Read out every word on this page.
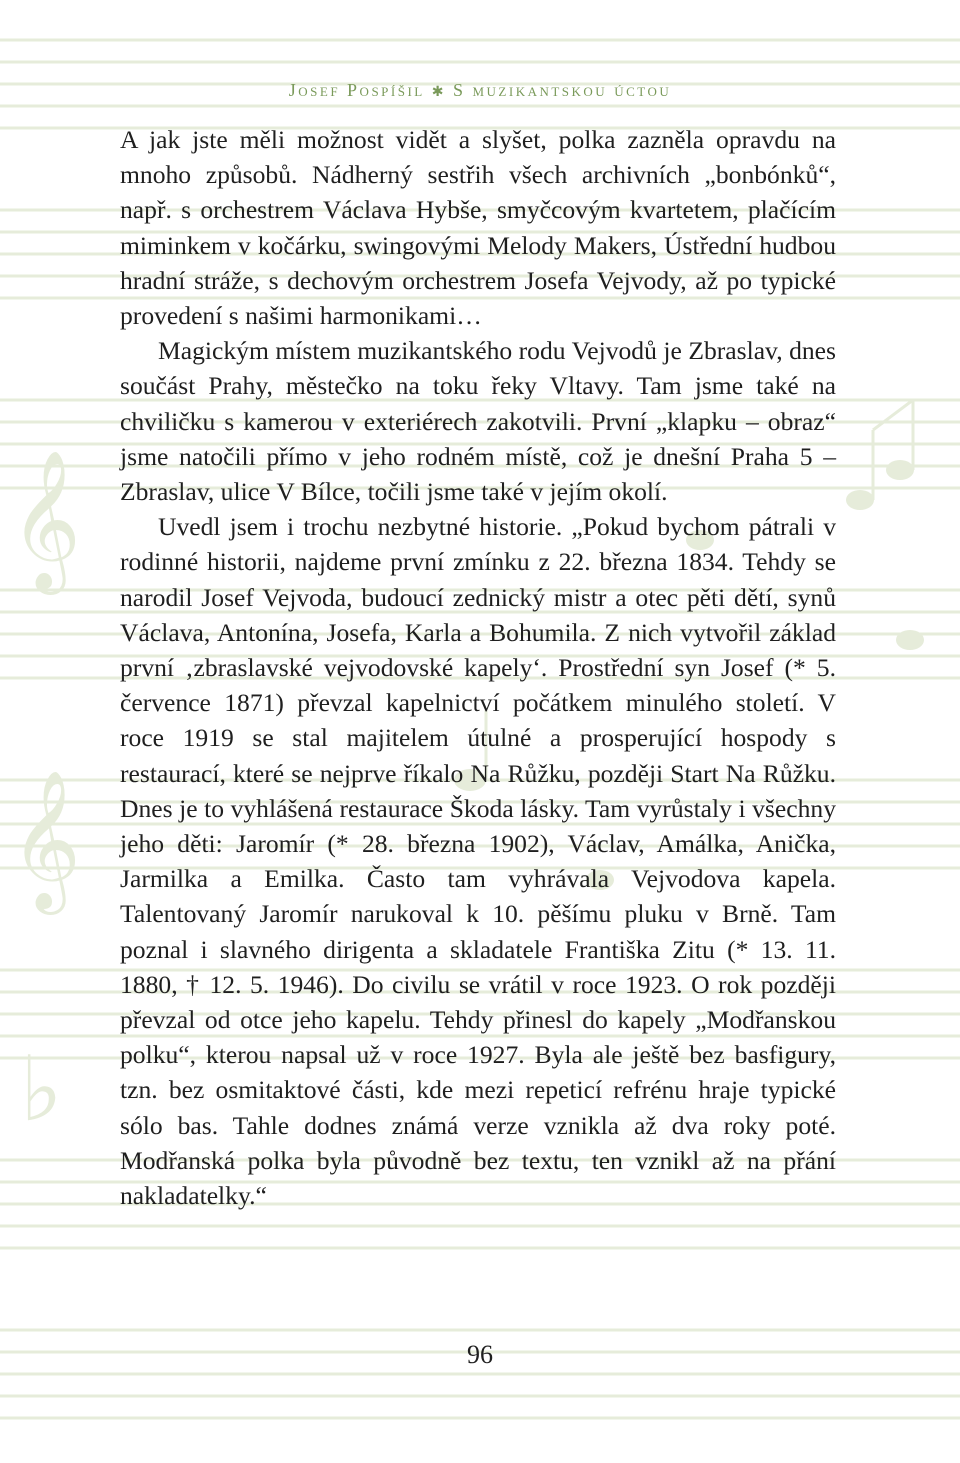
𝄞
𝄞
♭
Josef Pospíšil ✱ S muzikantskou úctou

A jak jste měli možnost vidět a slyšet, polka zazněla opravdu na mnoho způsobů. Nádherný sestřih všech archivních „bonbónků“, např. s orchestrem Václava Hybše, smyčcovým kvartetem, plačícím miminkem v kočárku, swingovými Melody Makers, Ústřední hudbou hradní stráže, s dechovým orchestrem Josefa Vejvody, až po typické provedení s našimi harmonikami…

Magickým místem muzikantského rodu Vejvodů je Zbraslav, dnes součást Prahy, městečko na toku řeky Vltavy. Tam jsme také na chviličku s kamerou v exteriérech zakotvili. První „klapku – obraz“ jsme natočili přímo v jeho rodném místě, což je dnešní Praha 5 – Zbraslav, ulice V Bílce, točili jsme také v jejím okolí.

Uvedl jsem i trochu nezbytné historie. „Pokud bychom pátrali v rodinné historii, najdeme první zmínku z 22. března 1834. Tehdy se narodil Josef Vejvoda, budoucí zednický mistr a otec pěti dětí, synů Václava, Antonína, Josefa, Karla a Bohumila. Z nich vytvořil základ první ‚zbraslavské vejvodovské kapely‘. Prostřední syn Josef (* 5. července 1871) převzal kapelnictví počátkem minulého století. V roce 1919 se stal majitelem útulné a prosperující hospody s restaurací, které se nejprve říkalo Na Růžku, později Start Na Růžku. Dnes je to vyhlášená restaurace Škoda lásky. Tam vyrůstaly i všechny jeho děti: Jaromír (* 28. března 1902), Václav, Amálka, Anička, Jarmilka a Emilka. Často tam vyhrávala Vejvodova kapela. Talentovaný Jaromír narukoval k 10. pěšímu pluku v Brně. Tam poznal i slavného dirigenta a skladatele Františka Zitu (* 13. 11. 1880, † 12. 5. 1946). Do civilu se vrátil v roce 1923. O rok později převzal od otce jeho kapelu. Tehdy přinesl do kapely „Modřanskou polku“, kterou napsal už v roce 1927. Byla ale ještě bez basfigury, tzn. bez osmitaktové části, kde mezi repeticí refrénu hraje typické sólo bas. Tahle dodnes známá verze vznikla až dva roky poté. Modřanská polka byla původně bez textu, ten vznikl až na přání nakladatelky.“

96
